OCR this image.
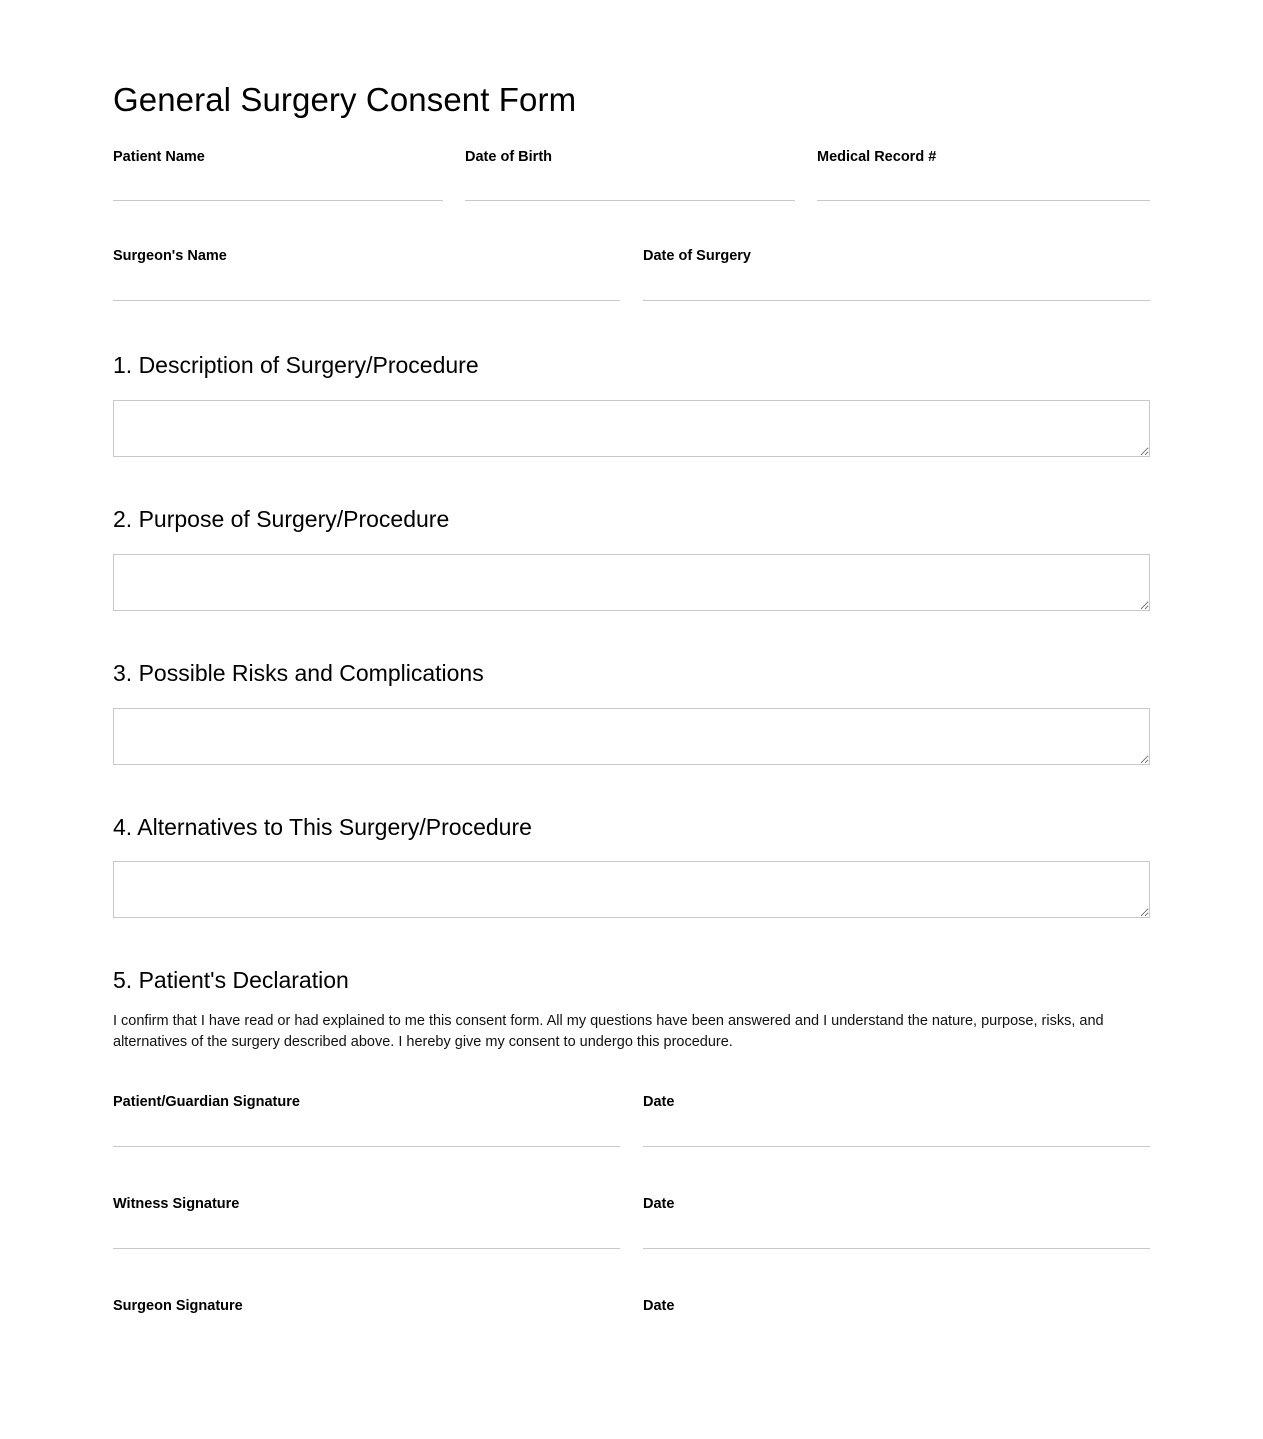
General Surgery Consent Form
Patient Name	Date of Birth	Medical Record #
Surgeon's Name	Date of Surgery
1. Description of Surgery/Procedure
2. Purpose of Surgery/Procedure
3. Possible Risks and Complications
4. Alternatives to This Surgery/Procedure
5. Patient's Declaration

I confirm that I have read or had explained to me this consent form. All my questions have been answered and I understand the nature, purpose, risks, and alternatives of the surgery described above. I hereby give my consent to undergo this procedure.

Patient/Guardian Signature	Date
Witness Signature	Date
Surgeon Signature	Date
